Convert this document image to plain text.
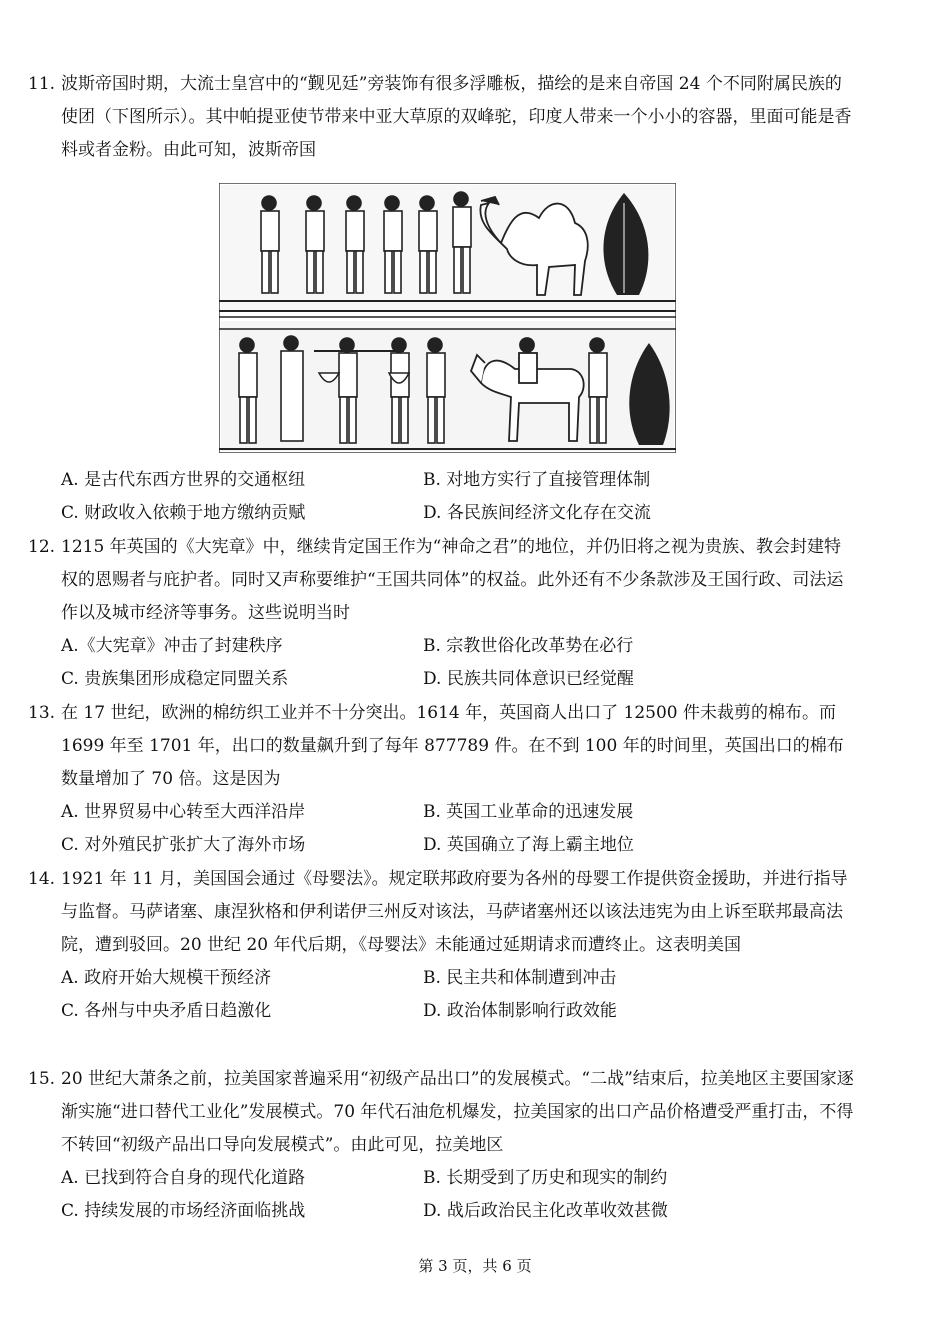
11. 波斯帝国时期，大流士皇宫中的“觐见廷”旁装饰有很多浮雕板，描绘的是来自帝国 24 个不同附属民族的使团（下图所示）。其中帕提亚使节带来中亚大草原的双峰驼，印度人带来一个小小的容器，里面可能是香料或者金粉。由此可知，波斯帝国
A. 是古代东西方世界的交通枢纽	B. 对地方实行了直接管理体制
C. 财政收入依赖于地方缴纳贡赋	D. 各民族间经济文化存在交流
12. 1215 年英国的《大宪章》中，继续肯定国王作为“神命之君”的地位，并仍旧将之视为贵族、教会封建特权的恩赐者与庇护者。同时又声称要维护“王国共同体”的权益。此外还有不少条款涉及王国行政、司法运作以及城市经济等事务。这些说明当时
A.《大宪章》冲击了封建秩序	B. 宗教世俗化改革势在必行
C. 贵族集团形成稳定同盟关系	D. 民族共同体意识已经觉醒
13. 在 17 世纪，欧洲的棉纺织工业并不十分突出。1614 年，英国商人出口了 12500 件未裁剪的棉布。而 1699 年至 1701 年，出口的数量飙升到了每年 877789 件。在不到 100 年的时间里，英国出口的棉布数量增加了 70 倍。这是因为
A. 世界贸易中心转至大西洋沿岸	B. 英国工业革命的迅速发展
C. 对外殖民扩张扩大了海外市场	D. 英国确立了海上霸主地位
14. 1921 年 11 月，美国国会通过《母婴法》。规定联邦政府要为各州的母婴工作提供资金援助，并进行指导与监督。马萨诸塞、康涅狄格和伊利诺伊三州反对该法，马萨诸塞州还以该法违宪为由上诉至联邦最高法院，遭到驳回。20 世纪 20 年代后期，《母婴法》未能通过延期请求而遭终止。这表明美国
A. 政府开始大规模干预经济	B. 民主共和体制遭到冲击
C. 各州与中央矛盾日趋激化	D. 政治体制影响行政效能
15. 20 世纪大萧条之前，拉美国家普遍采用“初级产品出口”的发展模式。“二战”结束后，拉美地区主要国家逐渐实施“进口替代工业化”发展模式。70 年代石油危机爆发，拉美国家的出口产品价格遭受严重打击，不得不转回“初级产品出口导向发展模式”。由此可见，拉美地区
A. 已找到符合自身的现代化道路	B. 长期受到了历史和现实的制约
C. 持续发展的市场经济面临挑战	D. 战后政治民主化改革收效甚微
第 3 页，共 6 页
